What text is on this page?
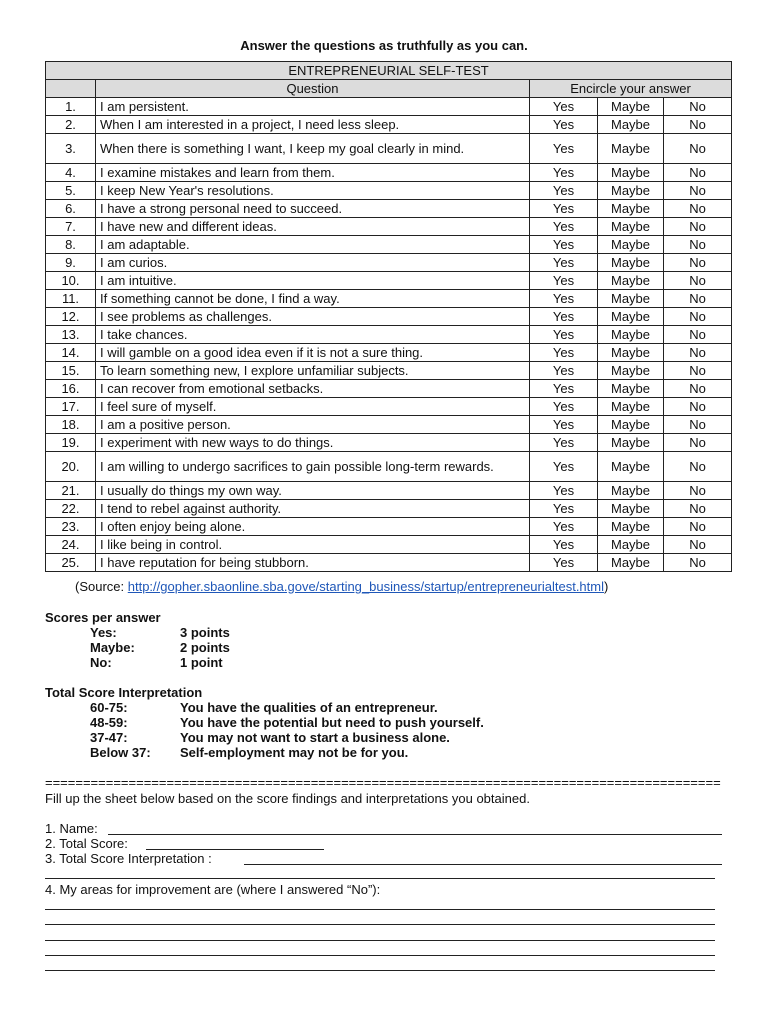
Answer the questions as truthfully as you can.
ENTREPRENEURIAL SELF-TEST				
	Question	Encircle your answer		
1.	I am persistent.	Yes	Maybe	No
2.	When I am interested in a project, I need less sleep.	Yes	Maybe	No
3.	When there is something I want, I keep my goal clearly in mind.	Yes	Maybe	No
4.	I examine mistakes and learn from them.	Yes	Maybe	No
5.	I keep New Year's resolutions.	Yes	Maybe	No
6.	I have a strong personal need to succeed.	Yes	Maybe	No
7.	I have new and different ideas.	Yes	Maybe	No
8.	I am adaptable.	Yes	Maybe	No
9.	I am curios.	Yes	Maybe	No
10.	I am intuitive.	Yes	Maybe	No
11.	If something cannot be done, I find a way.	Yes	Maybe	No
12.	I see problems as challenges.	Yes	Maybe	No
13.	I take chances.	Yes	Maybe	No
14.	I will gamble on a good idea even if it is not a sure thing.	Yes	Maybe	No
15.	To learn something new, I explore unfamiliar subjects.	Yes	Maybe	No
16.	I can recover from emotional setbacks.	Yes	Maybe	No
17.	I feel sure of myself.	Yes	Maybe	No
18.	I am a positive person.	Yes	Maybe	No
19.	I experiment with new ways to do things.	Yes	Maybe	No
20.	I am willing to undergo sacrifices to gain possible long-term rewards.	Yes	Maybe	No
21.	I usually do things my own way.	Yes	Maybe	No
22.	I tend to rebel against authority.	Yes	Maybe	No
23.	I often enjoy being alone.	Yes	Maybe	No
24.	I like being in control.	Yes	Maybe	No
25.	I have reputation for being stubborn.	Yes	Maybe	No
(Source: http://gopher.sbaonline.sba.gove/starting_business/startup/entrepreneurialtest.html)
Scores per answer
Yes:	3 points
Maybe:	2 points
No:	1 point
Total Score Interpretation
60-75:	You have the qualities of an entrepreneur.
48-59:	You have the potential but need to push yourself.
37-47:	You may not want to start a business alone.
Below 37: Self-employment may not be for you.
=========================================================================================
Fill up the sheet below based on the score findings and interpretations you obtained.
1. Name:
2. Total Score:
3. Total Score Interpretation :
4. My areas for improvement are (where I answered “No”):
